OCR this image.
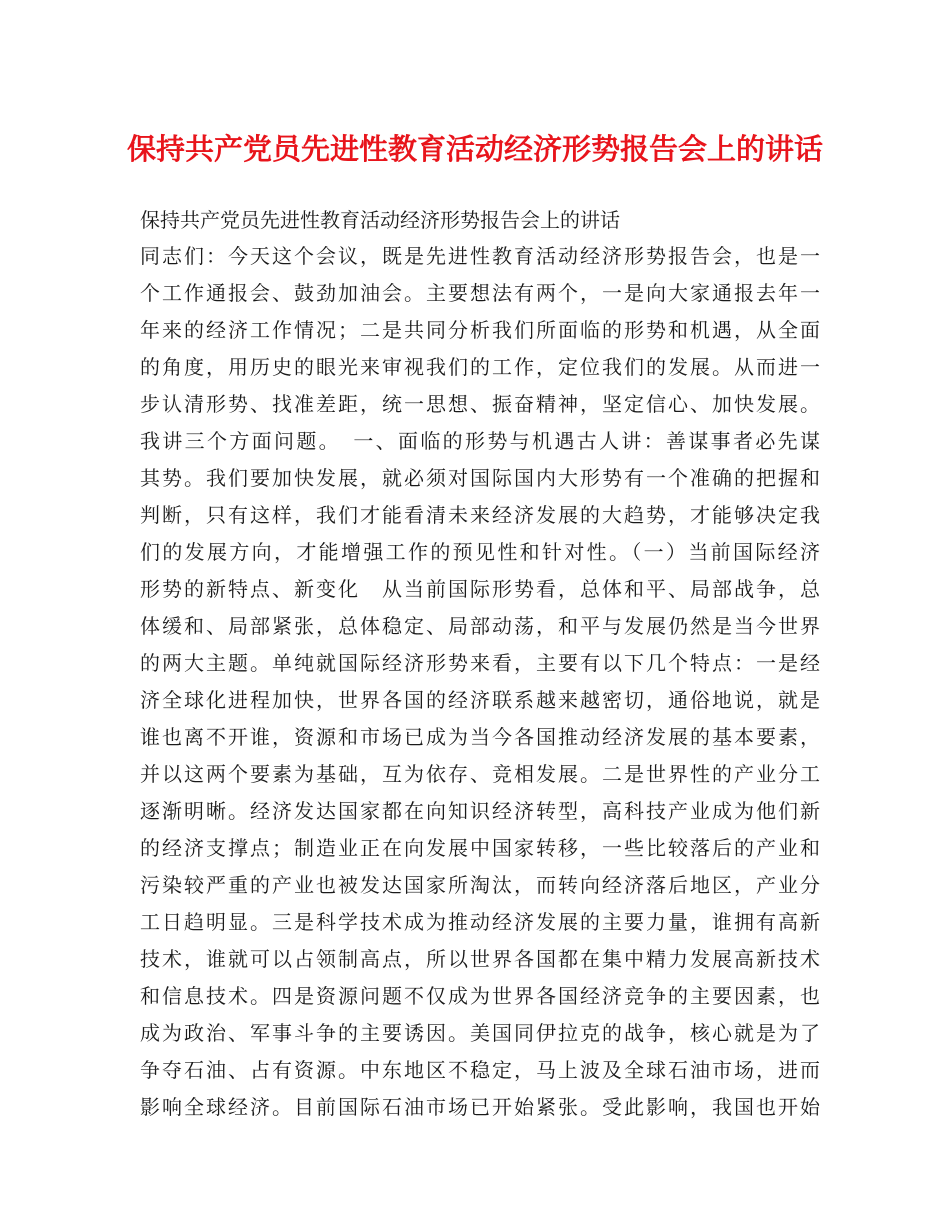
保持共产党员先进性教育活动经济形势报告会上的讲话

保持共产党员先进性教育活动经济形势报告会上的讲话

同志们：今天这个会议，既是先进性教育活动经济形势报告会，也是一
个工作通报会、鼓劲加油会。主要想法有两个，一是向大家通报去年一
年来的经济工作情况；二是共同分析我们所面临的形势和机遇，从全面
的角度，用历史的眼光来审视我们的工作，定位我们的发展。从而进一
步认清形势、找准差距，统一思想、振奋精神，坚定信心、加快发展。
我讲三个方面问题。　一、面临的形势与机遇古人讲：善谋事者必先谋
其势。我们要加快发展，就必须对国际国内大形势有一个准确的把握和
判断，只有这样，我们才能看清未来经济发展的大趋势，才能够决定我
们的发展方向，才能增强工作的预见性和针对性。（一）当前国际经济
形势的新特点、新变化　从当前国际形势看，总体和平、局部战争，总
体缓和、局部紧张，总体稳定、局部动荡，和平与发展仍然是当今世界
的两大主题。单纯就国际经济形势来看，主要有以下几个特点：一是经
济全球化进程加快，世界各国的经济联系越来越密切，通俗地说，就是
谁也离不开谁，资源和市场已成为当今各国推动经济发展的基本要素，
并以这两个要素为基础，互为依存、竞相发展。二是世界性的产业分工
逐渐明晰。经济发达国家都在向知识经济转型，高科技产业成为他们新
的经济支撑点；制造业正在向发展中国家转移，一些比较落后的产业和
污染较严重的产业也被发达国家所淘汰，而转向经济落后地区，产业分
工日趋明显。三是科学技术成为推动经济发展的主要力量，谁拥有高新
技术，谁就可以占领制高点，所以世界各国都在集中精力发展高新技术
和信息技术。四是资源问题不仅成为世界各国经济竞争的主要因素，也
成为政治、军事斗争的主要诱因。美国同伊拉克的战争，核心就是为了
争夺石油、占有资源。中东地区不稳定，马上波及全球石油市场，进而
影响全球经济。目前国际石油市场已开始紧张。受此影响，我国也开始
